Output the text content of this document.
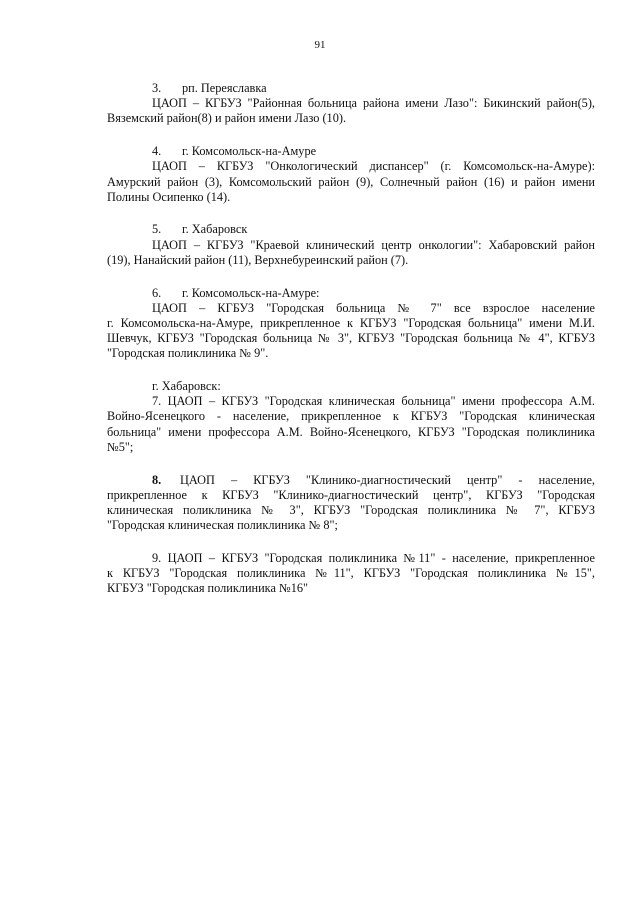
91
3. рп. Переяславка
ЦАОП – КГБУЗ "Районная больница района имени Лазо": Бикинский район(5),
Вяземский район(8) и район имени Лазо (10).
4. г. Комсомольск-на-Амуре
ЦАОП – КГБУЗ "Онкологический диспансер" (г. Комсомольск-на-Амуре):
Амурский район (3), Комсомольский район (9), Солнечный район (16) и район имени
Полины Осипенко (14).
5. г. Хабаровск
ЦАОП – КГБУЗ "Краевой клинический центр онкологии": Хабаровский район
(19), Нанайский район (11), Верхнебуреинский район (7).
6. г. Комсомольск-на-Амуре:
ЦАОП – КГБУЗ "Городская больница № 7" все взрослое население
г. Комсомольска-на-Амуре, прикрепленное к КГБУЗ "Городская больница" имени М.И.
Шевчук, КГБУЗ "Городская больница № 3", КГБУЗ "Городская больница № 4", КГБУЗ
"Городская поликлиника № 9".
г. Хабаровск:
7. ЦАОП – КГБУЗ "Городская клиническая больница" имени профессора А.М.
Войно-Ясенецкого - население, прикрепленное к КГБУЗ "Городская клиническая
больница" имени профессора А.М. Войно-Ясенецкого, КГБУЗ "Городская поликлиника
№5";
8.	ЦАОП – КГБУЗ "Клинико-диагностический центр" - население,
прикрепленное к КГБУЗ "Клинико-диагностический центр", КГБУЗ "Городская
клиническая поликлиника № 3", КГБУЗ "Городская поликлиника № 7", КГБУЗ
"Городская клиническая поликлиника № 8";
9. ЦАОП – КГБУЗ "Городская поликлиника №11" - население, прикрепленное
к КГБУЗ "Городская поликлиника №11", КГБУЗ "Городская поликлиника №15",
КГБУЗ "Городская поликлиника №16"
